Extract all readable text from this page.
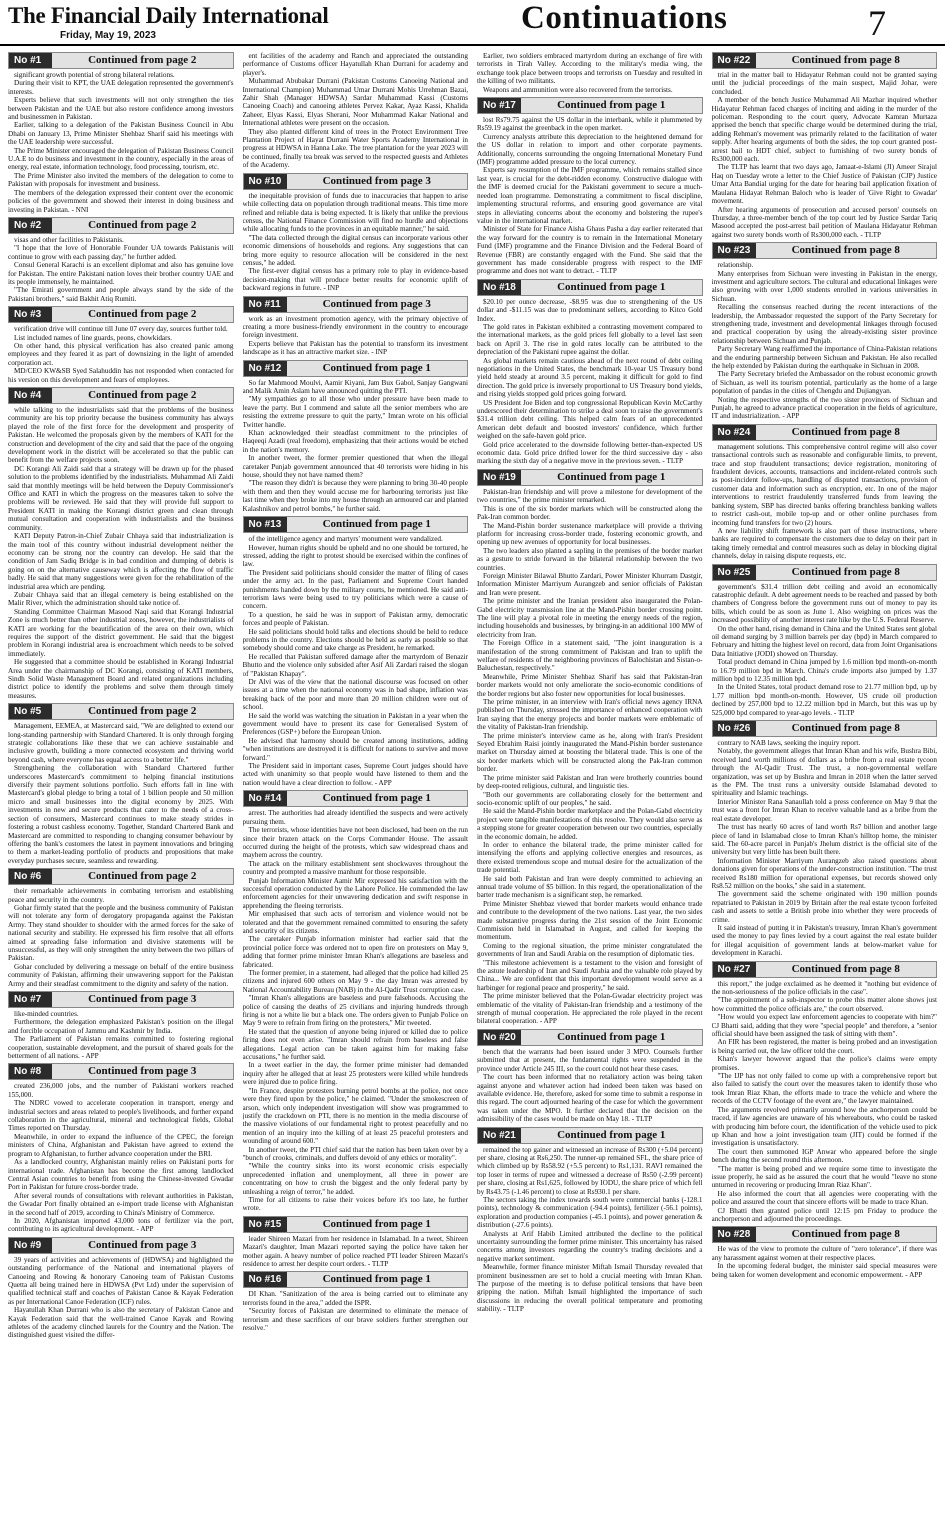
The Financial Daily International
Friday, May 19, 2023	Continuations	7
No #1	Continued from page 2

significant growth potential of strong bilateral relations.

During their visit to KPT, the UAE delegation represented the government's interests.

Experts believe that such investments will not only strengthen the ties between Pakistan and the UAE but also restore confidence among investors and businessmen in Pakistan.

Earlier, talking to a delegation of the Pakistan Business Council in Abu Dhabi on January 13, Prime Minister Shehbaz Sharif said his meetings with the UAE leadership were successful.

The Prime Minister encouraged the delegation of Pakistan Business Council U.A.E to do business and investment in the country, especially in the areas of energy, real estate, information technology, food processing, tourism, etc.

The Prime Minister also invited the members of the delegation to come to Pakistan with proposals for investment and business.

The members of the delegation expressed their content over the economic policies of the government and showed their interest in doing business and investing in Pakistan. - NNI

No #2	Continued from page 2

visas and other facilities to Pakistanis.

"I hope that the love of Honorable Founder UA towards Pakistanis will continue to grow with each passing day," he further added.

Consul General Karachi is an excellent diplomat and also has genuine love for Pakistan. The entire Pakistani nation loves their brother country UAE and its people immensely, he maintained.

"The Emirati government and people always stand by the side of the Pakistani brothers," said Bakhit Atiq Rumiti.

No #3	Continued from page 2

verification drive will continue till June 07 every day, sources further told.

List included names of line guards, peons, chowkidars.

On other hand, this physical verification has also created panic among employees and they feared it as part of downsizing in the light of amended corporation act.

MD/CEO KW&SB Syed Salahuddin has not responded when contacted for his version on this development and fears of employees.

No #4	Continued from page 2

while talking to the industrialists said that the problems of the business community are his top priority because the business community has always played the role of the first force for the development and prosperity of Pakistan. He welcomed the proposals given by the members of KATI for the construction and development of the city and said that the pace of the ongoing development work in the district will be accelerated so that the public can benefit from the welfare projects soon.

DC Korangi Ali Zaidi said that a strategy will be drawn up for the phased solution to the problems identified by the industrialists. Muhammad Ali Zaidi said that monthly meetings will be held between the Deputy Commissioner's Office and KATI in which the progress on the measures taken to solve the problems will be reviewed. He said that they will provide full support to President KATI in making the Korangi district green and clean through mutual consultation and cooperation with industrialists and the business community.

KATI Deputy Patron-in-Chief Zubair Chhaya said that industrialization is the main tool of this country without industrial development neither the economy can be strong nor the country can develop. He said that the condition of Jam Sadiq Bridge is in bad condition and dumping of debris is going on on the alternative causeway which is affecting the flow of traffic badly. He said that many suggestions were given for the rehabilitation of the industrial area which are pending.

Zubair Chhaya said that an illegal cemetery is being established on the Malir River, which the administration should take notice of.

Standing Committee Chairman Masood Naqi said that Korangi Industrial Zone is much better than other industrial zones, however, the industrialists of KATI are working for the beautification of the area on their own, which requires the support of the district government. He said that the biggest problem in Korangi industrial area is encroachment which needs to be solved immediately.

He suggested that a committee should be established in Korangi Industrial Area under the chairmanship of DC Korangi, consisting of KATI members, Sindh Solid Waste Management Board and related organizations including district police to identify the problems and solve them through timely measures.

No #5	Continued from page 2

Management, EEMEA, at Mastercard said, "We are delighted to extend our long-standing partnership with Standard Chartered. It is only through forging strategic collaborations like these that we can achieve sustainable and inclusive growth, building a more connected ecosystem and thriving world beyond cash, where everyone has equal access to a better life."

Strengthening the collaboration with Standard Chartered further underscores Mastercard's commitment to helping financial institutions diversify their payment solutions portfolio. Such efforts fall in line with Mastercard's global pledge to bring a total of 1 billion people and 50 million micro and small businesses into the digital economy by 2025. With investments in new and secure products that cater to the needs of a cross-section of consumers, Mastercard continues to make steady strides in fostering a robust cashless economy. Together, Standard Chartered Bank and Mastercard are committed to responding to changing consumer behaviour by offering the bank's customers the latest in payment innovations and bringing to them a market-leading portfolio of products and propositions that make everyday purchases secure, seamless and rewarding.

No #6	Continued from page 2

their remarkable achievements in combating terrorism and establishing peace and security in the country.

Gohar firmly stated that the people and the business community of Pakistan will not tolerate any form of derogatory propaganda against the Pakistan Army. They stand shoulder to shoulder with the armed forces for the sake of national security and stability. He expressed his firm resolve that all efforts aimed at spreading false information and divisive statements will be unsuccessful, as they will only strengthen the unity between the two pillars of Pakistan.

Gohar concluded by delivering a message on behalf of the entire business community of Pakistan, affirming their unwavering support for the Pakistan Army and their steadfast commitment to the dignity and safety of the nation.

No #7	Continued from page 3

like-minded countries.

Furthermore, the delegation emphasized Pakistan's position on the illegal and forcible occupation of Jammu and Kashmir by India.

The Parliament of Pakistan remains committed to fostering regional cooperation, sustainable development, and the pursuit of shared goals for the betterment of all nations. - APP

No #8	Continued from page 3

created 236,000 jobs, and the number of Pakistani workers reached 155,000.

The NDRC vowed to accelerate cooperation in transport, energy and industrial sectors and areas related to people's livelihoods, and further expand collaboration in the agricultural, mineral and technological fields, Global Times reported on Thursday.

Meanwhile, in order to expand the influence of the CPEC, the foreign ministers of China, Afghanistan and Pakistan have agreed to extend the program to Afghanistan, to further advance cooperation under the BRI.

As a landlocked country, Afghanistan mainly relies on Pakistani ports for international trade. Afghanistan has become the first among landlocked Central Asian countries to benefit from using the Chinese-invested Gwadar Port in Pakistan for future cross-border trade.

After several rounds of consultations with relevant authorities in Pakistan, the Gwadar Port finally obtained an e-import trade license with Afghanistan in the second half of 2019, according to China's Ministry of Commerce.

In 2020, Afghanistan imported 43,000 tons of fertilizer via the port, contributing to its agricultural development. - APP

No #9	Continued from page 3

39 years of activities and achievements of (HDWSA) and highlighted the outstanding performance of the National and international players of Canoeing and Rowing & honorary Canoeing team of Pakistan Customs Quetta all being trained here in HDWSA (Pvt Ltd) under the supervision of qualified technical staff and coaches of Pakistan Canoe & Kayak Federation as per International Canoe Federation (ICF) rules.

Hayatullah Khan Durrani who is also the secretary of Pakistan Canoe and Kayak Federation said that the well-trained Canoe Kayak and Rowing athletes of the academy clinched laurels for the Country and the Nation. The distinguished guest visited the differ-

ent facilities of the academy and Ranch and appreciated the outstanding performance of Customs officer Hayatullah Khan Durrani for academy and player's.

Muhammad Abubakar Durrani (Pakistan Customs Canoeing National and International Champion) Muhammad Umar Durrani Mohis Urrehman Bazai, Zahir Shah (Manager HDWSA) Sardar Muhammad Kassi (Customs Canoeing Coach) and canoeing athletes Pervez Kakar, Ayaz Kassi, Khalida Zaheer, Elyas Kassi, Elyas Sherani, Noor Muhammad Kakar National and International athletes were present on the occasion.

They also planted different kind of trees in the Protect Environment Tree Plantation Project of Hayat Durrani Water Sports Academy International in progress at HDWSA in Hanna Lake. The tree plantation for the year 2023 will be continued, finally tea break was served to the respected guests and Athletes of the Academy.

No #10	Continued from page 3

the inequitable provision of funds due to inaccuracies that happen to arise while collecting data on population through traditional means. This time more refined and reliable data is being expected. It is likely that unlike the previous census, the National Finance Commission will find no hurdle and objections while allocating funds to the provinces in an equitable manner," he said.

"The data collected through the digital census can incorporate various other economic dimensions of households and regions. Any suggestions that can bring more equity to resource allocation will be considered in the next census," he added.

The first-ever digital census has a primary role to play in evidence-based decision-making that will produce better results for economic uplift of backward regions in future. - INP

No #11	Continued from page 3

work as an investment promotion agency, with the primary objective of creating a more business-friendly environment in the country to encourage foreign investment.

Experts believe that Pakistan has the potential to transform its investment landscape as it has an attractive market size. - INP

No #12	Continued from page 1

So far Mahmood Moulvi, Aamir Kiyani, Jam Bux Gabol, Sanjay Gangwani and Malik Amin Aslam have announced quitting the PTI.

"My sympathies go to all those who under pressure have been made to leave the party. But I commend and salute all the senior members who are resisting the extreme pressure to quit the party," Imran wrote on his official Twitter handle.

Khan acknowledged their steadfast commitment to the principles of Haqeeqi Azadi (real freedom), emphasizing that their actions would be etched in the nation's memory.

In another tweet, the former premier questioned that when the illegal caretaker Punjab government announced that 40 terrorists were hiding in his house, should they not have named them?

"The reason they didn't is because they were planning to bring 30-40 people with them and then they would accuse me for harbouring terrorists just like last time when they broke into my house through an armoured car and planted Kalashnikov and petrol bombs," he further said.

No #13	Continued from page 1

of the intelligence agency and martyrs' monument were vandalized.

However, human rights should be upheld and no one should be tortured, he stressed, adding the right to protest should be exercised within the confines of law.

The President said politicians should consider the matter of filing of cases under the army act. In the past, Parliament and Supreme Court handed punishments handed down by the military courts, he mentioned. He said anti-terrorism laws were being used to try politicians which were a cause of concern.

To a question, he said he was in support of Pakistan army, democratic forces and people of Pakistan.

He said politicians should hold talks and elections should be held to reduce problems in the country. Elections should be held as early as possible so that somebody should come and take charge as President, he remarked.

He recalled that Pakistan suffered damage after the martyrdom of Benazir Bhutto and the violence only subsided after Asif Ali Zardari raised the slogan of "Pakistan Khapay".

Dr Alvi was of the view that the national discourse was focused on other issues at a time when the national economy was in bad shape, inflation was breaking back of the poor and more than 20 million children were out of school.

He said the world was watching the situation in Pakistan in a year when the government would have to present its case for Generalised System of Preferences (GSP+) before the European Union.

He advised that harmony should be created among institutions, adding "when institutions are destroyed it is difficult for nations to survive and move forward."

The President said in important cases, Supreme Court judges should have acted with unanimity so that people would have listened to them and the nation would have a clear direction to follow. - APP

No #14	Continued from page 1

arrest. The authorities had already identified the suspects and were actively pursuing them.

The terrorists, whose identities have not been disclosed, had been on the run since their brazen attack on the Corps Commander House. The assault occurred during the height of the protests, which saw widespread chaos and mayhem across the country.

The attack on the military establishment sent shockwaves throughout the country and prompted a massive manhunt for those responsible.

Punjab Information Minister Aamir Mir expressed his satisfaction with the successful operation conducted by the Lahore Police. He commended the law enforcement agencies for their unwavering dedication and swift response in apprehending the fleeing terrorists.

Mir emphasised that such acts of terrorism and violence would not be tolerated and that the government remained committed to ensuring the safety and security of its citizens.

The caretaker Punjab information minister had earlier said that the provincial police force was ordered not to open fire on protesters on May 9, adding that former prime minister Imran Khan's allegations are baseless and fabricated.

The former premier, in a statement, had alleged that the police had killed 25 citizens and injured 600 others on May 9 - the day Imran was arrested by National Accountability Bureau (NAB) in the Al-Qadir Trust corruption case.

"Imran Khan's allegations are baseless and pure falsehoods. Accusing the police of causing the deaths of 25 civilians and injuring hundreds through firing is not a white lie but a black one. The orders given to Punjab Police on May 9 were to refrain from firing on the protesters," Mir tweeted.

He stated that the question of anyone being injured or killed due to police firing does not even arise. "Imran should refrain from baseless and false allegations. Legal action can be taken against him for making false accusations," he further said.

In a tweet earlier in the day, the former prime minister had demanded inquiry after he alleged that at least 25 protesters were killed while hundreds were injured due to police firing.

"In France, despite protesters burning petrol bombs at the police, not once were they fired upon by the police," he claimed. "Under the smokescreen of arson, which only independent investigation will show was programmed to justify the crackdown on PTI, there is no mention in the media discourse of the massive violations of our fundamental right to protest peacefully and no mention of an inquiry into the killing of at least 25 peaceful protesters and wounding of around 600."

In another tweet, the PTI chief said that the nation has been taken over by a "bunch of crooks, criminals, and duffers devoid of any ethics or morality".

"While the country sinks into its worst economic crisis especially unprecedented inflation and unemployment, all three in power are concentrating on how to crush the biggest and the only federal party by unleashing a reign of terror," he added.

Time for all citizens to raise their voices before it's too late, he further wrote.

No #15	Continued from page 1

leader Shireen Mazari from her residence in Islamabad. In a tweet, Shireen Mazari's daughter, Iman Mazari reported saying the police have taken her mother again. A heavy number of police reached PTI leader Shireen Mazari's residence to arrest her despite court orders. - TLTP

No #16	Continued from page 1

DI Khan. "Sanitization of the area is being carried out to eliminate any terrorists found in the area," added the ISPR.

"Security forces of Pakistan are determined to eliminate the menace of terrorism and these sacrifices of our brave soldiers further strengthen our resolve."

Earlier, two soldiers embraced martyrdom during an exchange of fire with terrorists in Tirah Valley. According to the military's media wing, the exchange took place between troops and terrorists on Tuesday and resulted in the killing of two militants.

Weapons and ammunition were also recovered from the terrorists.

No #17	Continued from page 1

lost Rs79.75 against the US dollar in the interbank, while it plummeted by Rs59.19 against the greenback in the open market.

Currency analysts attribute this depreciation to the heightened demand for the US dollar in relation to import and other corporate payments. Additionally, concerns surrounding the ongoing International Monetary Fund (IMF) programme added pressure to the local currency.

Experts say resumption of the IMF programme, which remains stalled since last year, is crucial for the debt-ridden economy. Constructive dialogue with the IMF is deemed crucial for the Pakistani government to secure a much-needed loan programme. Demonstrating a commitment to fiscal discipline, implementing structural reforms, and ensuring good governance are vital steps in alleviating concerns about the economy and bolstering the rupee's value in the international market.

Minister of State for Finance Aisha Ghaus Pasha a day earlier reiterated that the way forward for the country is to remain in the International Monetary Fund (IMF) programme and the Finance Division and the Federal Board of Revenue (FBR) are constantly engaged with the Fund. She said that the government has made considerable progress with respect to the IMF programme and does not want to detract. - TLTP

No #18	Continued from page 1

$20.10 per ounce decrease, -$8.95 was due to strengthening of the US dollar and -$11.15 was due to predominant sellers, according to Kitco Gold Index.

The gold rates in Pakistan exhibited a contrasting movement compared to the international markets, as the gold prices fell globally to a level last seen back on April 3. The rise in gold rates locally can be attributed to the depreciation of the Pakistani rupee against the dollar.

As global markets remain cautious ahead of the next round of debt ceiling negotiations in the United States, the benchmark 10-year US Treasury bond yield held steady at around 3.5 percent, making it difficult for gold to find direction. The gold price is inversely proportional to US Treasury bond yields, and rising yields stopped gold prices going forward.

US President Joe Biden and top congressional Republican Kevin McCarthy underscored their determination to strike a deal soon to raise the government's $31.4 trillion debt ceiling. This helped calm fears of an unprecedented American debt default and boosted investors' confidence, which further weighed on the safe-haven gold price.

Gold price accelerated to the downside following better-than-expected US economic data. Gold price drifted lower for the third successive day - also marking the sixth day of a negative move in the previous seven. - TLTP

No #19	Continued from page 1

Pakistan-Iran friendship and will prove a milestone for development of the two countries," the prime minister remarked.

This is one of the six border markets which will be constructed along the Pak-Iran common border.

The Mand-Pishin border sustenance marketplace will provide a thriving platform for increasing cross-border trade, fostering economic growth, and opening up new avenues of opportunity for local businesses.

The two leaders also planted a sapling in the premises of the border market as a gesture to stride forward in the bilateral relationship between the two countries.

Foreign Minister Bilawal Bhutto Zardari, Power Minister Khurram Dastgir, Information Minister Marriyum Aurangzeb and senior officials of Pakistan and Iran were present.

The prime minister and the Iranian president also inaugurated the Polan-Gabd electricity transmission line at the Mand-Pishin border crossing point. The line will play a pivotal role in meeting the energy needs of the region, including households and businesses, by bringing-in an additional 100 MW of electricity from Iran.

The Foreign Office in a statement said, "The joint inauguration is a manifestation of the strong commitment of Pakistan and Iran to uplift the welfare of residents of the neighboring provinces of Balochistan and Sistan-o-Baluchestan, respectively."

Meanwhile, Prime Minister Shehbaz Sharif has said that Pakistan-Iran border markets would not only ameliorate the socio-economic conditions of the border regions but also foster new opportunities for local businesses.

The prime minister, in an interview with Iran's official news agency IRNA published on Thursday, stressed the importance of enhanced cooperation with Iran saying that the energy projects and border markets were emblematic of the vitality of Pakistan-Iran friendship.

The prime minister's interview came as he, along with Iran's President Seyed Ebrahim Raisi jointly inaugurated the Mand-Pishin border sustenance market on Thursday aimed at boosting the bilateral trade. This is one of the six border markets which will be constructed along the Pak-Iran common border.

The prime minister said Pakistan and Iran were brotherly countries bound by deep-rooted religious, cultural, and linguistic ties.

"Both our governments are collaborating closely for the betterment and socio-economic uplift of our peoples," he said.

He said the Mand-Pishin border marketplace and the Polan-Gabd electricity project were tangible manifestations of this resolve. They would also serve as a stepping stone for greater cooperation between our two countries, especially in the economic domain, he added.

In order to enhance the bilateral trade, the prime minister called for intensifying the efforts and applying collective energies and resources, as there existed tremendous scope and mutual desire for the actualization of the trade potential.

He said both Pakistan and Iran were deeply committed to achieving an annual trade volume of $5 billion. In this regard, the operationalization of the barter trade mechanism is a significant step, he remarked.

Prime Minister Shehbaz viewed that border markets would enhance trade and contribute to the development of the two nations. Last year, the two sides made substantive progress during the 21st session of the Joint Economic Commission held in Islamabad in August, and called for keeping the momentum.

Coming to the regional situation, the prime minister congratulated the governments of Iran and Saudi Arabia on the resumption of diplomatic ties.

"This milestone achievement is a testament to the vision and foresight of the astute leadership of Iran and Saudi Arabia and the valuable role played by China... We are confident that this important development would serve as a harbinger for regional peace and prosperity," he said.

The prime minister believed that the Polan-Gwadar electricity project was emblematic of the vitality of Pakistan-Iran friendship and a testimony of the strength of mutual cooperation. He appreciated the role played in the recent bilateral cooperation. - APP

No #20	Continued from page 1

bench that the warrants had been issued under 3 MPO. Counsels further submitted that at present, the fundamental rights were suspended in the province under Article 245 III, so the court could not hear these cases.

The court has been informed that no retaliatory action was being taken against anyone and whatever action had indeed been taken was based on available evidence. He, therefore, asked for some time to submit a response in this regard. The court adjourned hearing of the case for which the government was taken under the MPO. It further declared that the decision on the admissibility of the cases would be made on May 18. - TLTP

No #21	Continued from page 1

remained the top gainer and witnessed an increase of Rs300 (+5.04 percent) per share, closing at Rs6,250. The runner-up remained SFL, the share price of which climbed up by Rs58.92 (+5.5 percent) to Rs1,131. RAVI remained the top loser in terms of rupee and witnessed a decrease of Rs50 (-2.99 percent) per share, closing at Rs1,625, followed by IODU, the share price of which fell by Rs43.75 (-1.46 percent) to close at Rs930.1 per share.

The sectors taking the index towards south were commercial banks (-128.1 points), technology & communication (-94.4 points), fertilizer (-56.1 points), exploration and production companies (-45.1 points), and power generation & distribution (-27.6 points).

Analysts at Arif Habib Limited attributed the decline to the political uncertainty surrounding the former prime minister. This uncertainty has raised concerns among investors regarding the country's trading decisions and a negative market sentiment.

Meanwhile, former finance minister Miftah Ismail Thursday revealed that prominent businessmen are set to hold a crucial meeting with Imran Khan. The purpose of the meeting is to defuse political tensions that have been gripping the nation. Miftah Ismail highlighted the importance of such discussions in reducing the overall political temperature and promoting stability. - TLTP

No #22	Continued from page 8

trial in the matter bail to Hidayatur Rehman could not be granted saying until the judicial proceedings of the main suspect, Majid Johar, were concluded.

A member of the bench Justice Muhammad Ali Mazhar inquired whether Hidayatur Rehman faced charges of inciting and aiding in the murder of the policeman. Responding to the court query, Advocate Kamran Murtaza apprised the bench that specific charge would be determined during the trial, adding Rehman's movement was primarily related to the facilitation of water supply. After hearing arguments of both the sides, the top court granted post-arrest bail to HDT chief, subject to furnishing of two surety bonds of Rs300,000 each.

The TLTP has learnt that two days ago, Jamaat-e-Islami (JI) Ameer Sirajul Haq on Tuesday wrote a letter to the Chief Justice of Pakistan (CJP) Justice Umar Atta Bandial urging for the date for hearing bail application fixation of Maulana Hidayat Rehman Baloch who is leader of 'Give Right to Gwadar' movement.

After hearing arguments of prosecution and accused person' counsels on Thursday, a three-member bench of the top court led by Justice Sardar Tariq Masood accepted the post-arrest bail petition of Maulana Hidayatur Rehman against two surety bonds worth of Rs300,000 each. - TLTP

No #23	Continued from page 8

relationship.

Many enterprises from Sichuan were investing in Pakistan in the energy, investment and agriculture sectors. The cultural and educational linkages were also growing with over 1,000 students enrolled in various universities in Sichuan.

Recalling the consensus reached during the recent interactions of the leadership, the Ambassador requested the support of the Party Secretary for strengthening trade, investment and developmental linkages through focused and practical cooperation by using the already-existing sister province relationship between Sichuan and Punjab.

Party Secretary Wang reaffirmed the importance of China-Pakistan relations and the enduring partnership between Sichuan and Pakistan. He also recalled the help extended by Pakistan during the earthquake in Sichuan in 2008.

The Party Secretary briefed the Ambassador on the robust economic growth of Sichuan, as well its tourism potential, particularly as the home of a large population of pandas in the cities of Chengdu and Dujiangyan.

Noting the respective strengths of the two sister provinces of Sichuan and Punjab, he agreed to advance practical cooperation in the fields of agriculture, IT and industrialization. - APP

No #24	Continued from page 8

management solutions. This comprehensive control regime will also cover transactional controls such as reasonable and configurable limits, to prevent, trace and stop fraudulent transactions; device registration, monitoring of fraudulent devices, accounts, transactions and incident-related controls such as post-incident follow-ups, handling of disputed transactions, provision of customer data and information such as encryption, etc. In one of the major interventions to restrict fraudulently transferred funds from leaving the banking system, SBP has directed banks offering branchless banking wallets to restrict cash-out, mobile top-up and or other online purchases from incoming fund transfers for two (2) hours.

A new liability shift framework is also part of these instructions, where banks are required to compensate the customers due to delay on their part in taking timely remedial and control measures such as delay in blocking digital channels, delay in raising dispute requests, etc.

No #25	Continued from page 8

government's $31.4 trillion debt ceiling and avoid an economically catastrophic default. A debt agreement needs to be reached and passed by both chambers of Congress before the government runs out of money to pay its bills, which could be as soon as June 1. Also weighing on prices was the increased possibility of another interest rate hike by the U.S. Federal Reserve.

On the other hand, rising demand in China and the United States sent global oil demand surging by 3 million barrels per day (bpd) in March compared to February and hitting the highest level on record, data from Joint Organisations Data Initiative (JODI) showed on Thursday.

Total product demand in China jumped by 1.6 million bpd month-on-month to 16.79 million bpd in March. China's crude imports also jumped by 1.37 million bpd to 12.35 million bpd.

In the United States, total product demand rose to 21.77 million bpd, up by 1.77 million bpd month-on-month. However, US crude oil production declined by 257,000 bpd to 12.22 million bpd in March, but this was up by 525,000 bpd compared to year-ago levels. - TLTP

No #26	Continued from page 8

contrary to NAB laws, seeking the inquiry report.

Notably, the government alleges that Imran Khan and his wife, Bushra Bibi, received land worth millions of dollars as a bribe from a real estate tycoon through the Al-Qadir Trust. The trust, a non-governmental welfare organization, was set up by Bushra and Imran in 2018 when the latter served as the PM. The trust runs a university outside Islamabad devoted to spirituality and Islamic teachings.

Interior Minister Rana Sanaullah told a press conference on May 9 that the trust was a front for Imran Khan to receive valuable land as a bribe from the real estate developer.

The trust has nearly 60 acres of land worth Rs7 billion and another large piece of land in Islamabad close to Imran Khan's hilltop home, the minister said. The 60-acre parcel in Punjab's Jhelum district is the official site of the university but very little has been built there.

Information Minister Marriyum Aurangzeb also raised questions about donations given for operations of the under-construction institution. "The trust received Rs180 million for operational expenses, but records showed only Rs8.52 million on the books," she said in a statement.

The government said the scheme originated with 190 million pounds repatriated to Pakistan in 2019 by Britain after the real estate tycoon forfeited cash and assets to settle a British probe into whether they were proceeds of crime.

It said instead of putting it in Pakistan's treasury, Imran Khan's government used the money to pay fines levied by a court against the real estate builder for illegal acquisition of government lands at below-market value for development in Karachi.

No #27	Continued from page 8

this report," the judge exclaimed as he deemed it "nothing but evidence of the non-seriousness of the police officials in the case".

"The appointment of a sub-inspector to probe this matter alone shows just how committed the police officials are," the court observed.

"How would you expect law enforcement agencies to cooperate with him?" CJ Bhatti said, adding that they were "special people" and therefore, a "senior official should have been assigned the task of sitting with them".

An FIR has been registered, the matter is being probed and an investigation is being carried out, the law officer told the court.

Khan's lawyer however argued that the police's claims were empty promises.

"The IJP has not only failed to come up with a comprehensive report but also failed to satisfy the court over the measures taken to identify those who took Imran Riaz Khan, the efforts made to trace the vehicle and where the records of the CCTV footage of the event are," the lawyer maintained.

The arguments revolved primarily around how the anchorperson could be traced, if law agencies are unaware of his whereabouts, who could be tasked with producing him before court, the identification of the vehicle used to pick up Khan and how a joint investigation team (JIT) could be formed if the investigation is unsatisfactory.

The court then summoned IGP Anwar who appeared before the single bench during the second round this afternoon.

"The matter is being probed and we require some time to investigate the issue properly, he said as he assured the court that he would "leave no stone unturned in recovering or producing Imran Riaz Khan".

He also informed the court that all agencies were cooperating with the police and assured the court that sincere efforts will be made to trace Khan.

CJ Bhatti then granted police until 12:15 pm Friday to produce the anchorperson and adjourned the proceedings.

No #28	Continued from page 8

He was of the view to promote the culture of "zero tolerance", if there was any harassment against women at their respective places.

In the upcoming federal budget, the minister said special measures were being taken for women development and economic empowerment. - APP
